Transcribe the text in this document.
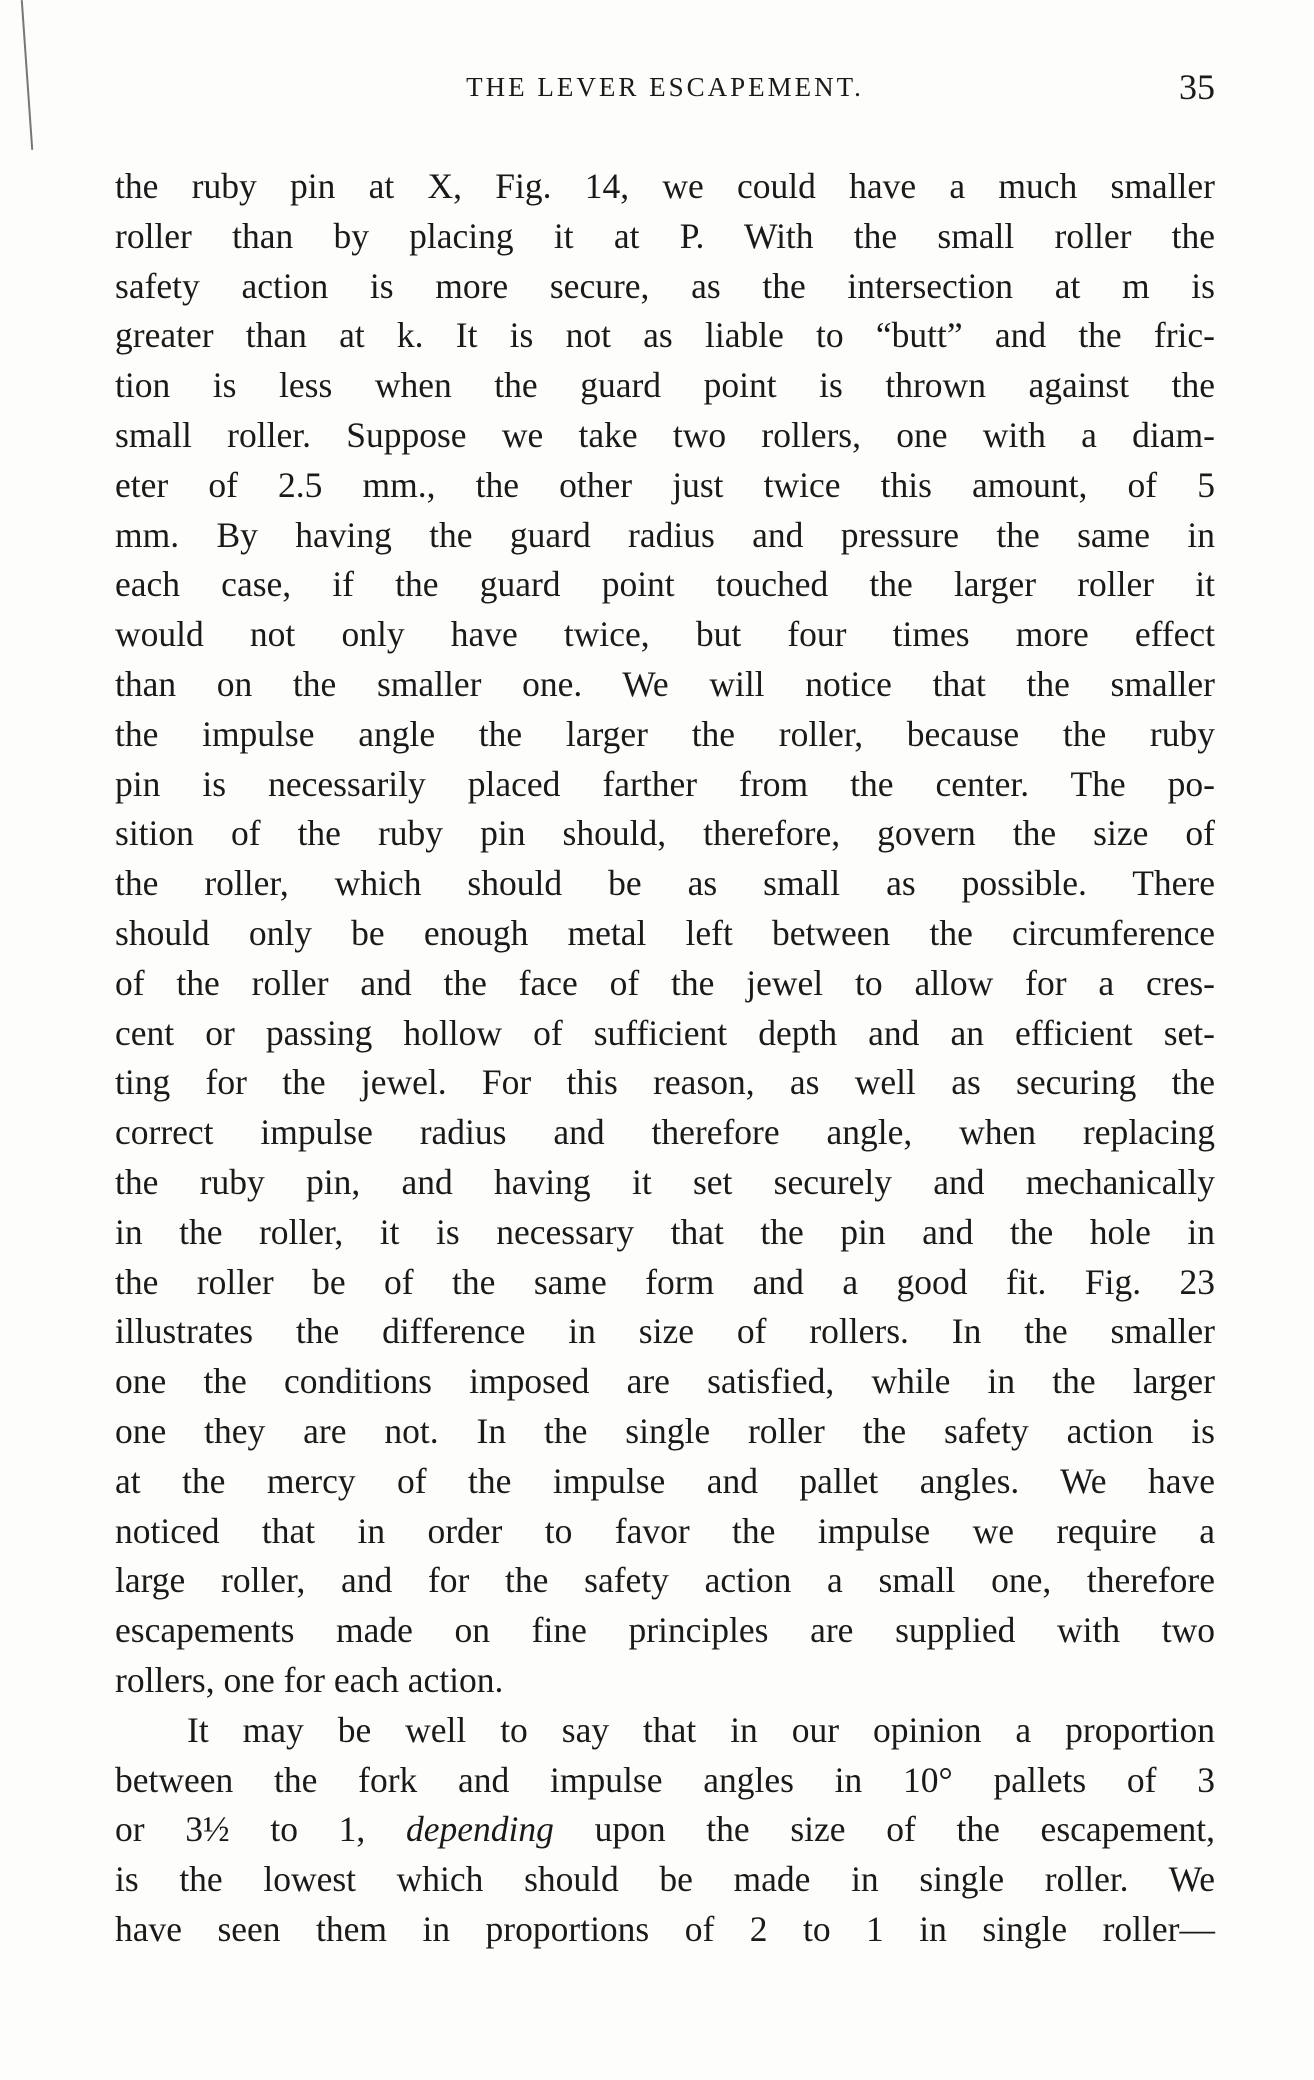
THE LEVER ESCAPEMENT.	35
the ruby pin at X, Fig. 14, we could have a much smaller
roller than by placing it at P. With the small roller the
safety action is more secure, as the intersection at m is
greater than at k. It is not as liable to “butt” and the fric-
tion is less when the guard point is thrown against the
small roller. Suppose we take two rollers, one with a diam-
eter of 2.5 mm., the other just twice this amount, of 5
mm. By having the guard radius and pressure the same in
each case, if the guard point touched the larger roller it
would not only have twice, but four times more effect
than on the smaller one. We will notice that the smaller
the impulse angle the larger the roller, because the ruby
pin is necessarily placed farther from the center. The po-
sition of the ruby pin should, therefore, govern the size of
the roller, which should be as small as possible. There
should only be enough metal left between the circumference
of the roller and the face of the jewel to allow for a cres-
cent or passing hollow of sufficient depth and an efficient set-
ting for the jewel. For this reason, as well as securing the
correct impulse radius and therefore angle, when replacing
the ruby pin, and having it set securely and mechanically
in the roller, it is necessary that the pin and the hole in
the roller be of the same form and a good fit. Fig. 23
illustrates the difference in size of rollers. In the smaller
one the conditions imposed are satisfied, while in the larger
one they are not. In the single roller the safety action is
at the mercy of the impulse and pallet angles. We have
noticed that in order to favor the impulse we require a
large roller, and for the safety action a small one, therefore
escapements made on fine principles are supplied with two
rollers, one for each action.
It may be well to say that in our opinion a proportion
between the fork and impulse angles in 10° pallets of 3
or 3½ to 1, depending upon the size of the escapement,
is the lowest which should be made in single roller. We
have seen them in proportions of 2 to 1 in single roller—
